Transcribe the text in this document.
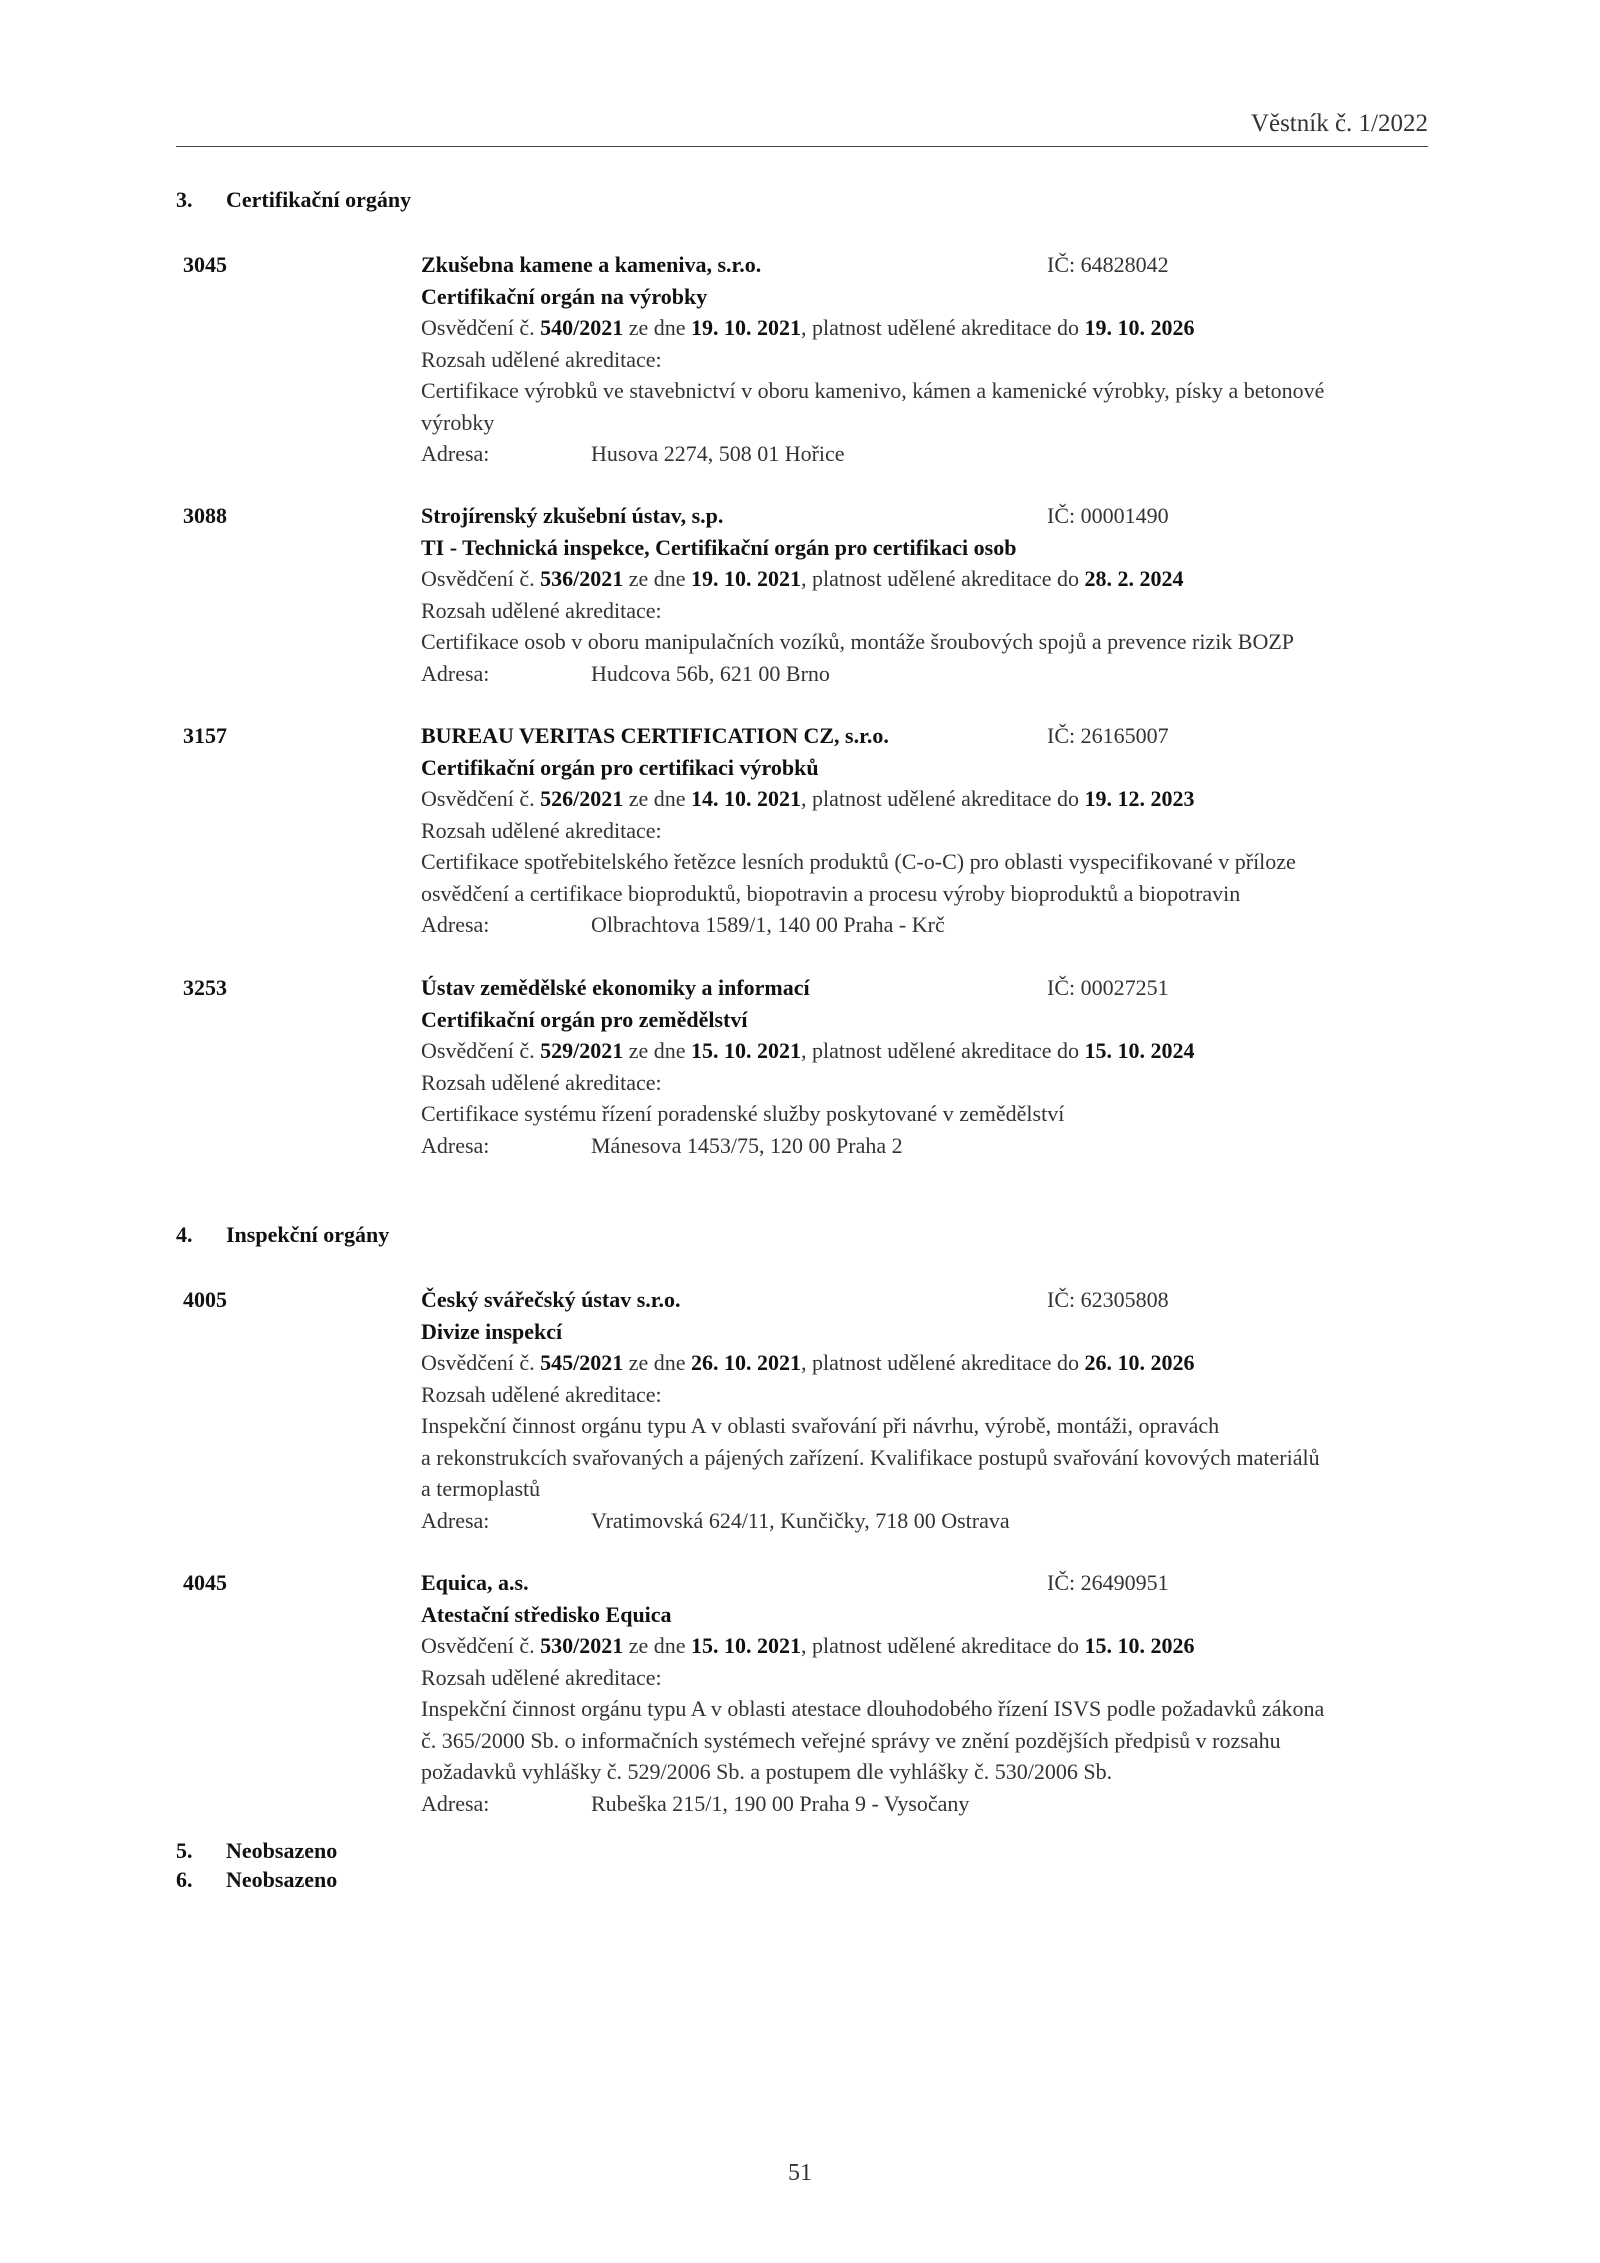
Věstník č. 1/2022
3. Certifikační orgány
3045	Zkušebna kamene a kameniva, s.r.o.	IČ: 64828042
Certifikační orgán na výrobky
Osvědčení č. 540/2021 ze dne 19. 10. 2021, platnost udělené akreditace do 19. 10. 2026
Rozsah udělené akreditace:
Certifikace výrobků ve stavebnictví v oboru kamenivo, kámen a kamenické výrobky, písky a betonové
výrobky
Adresa:	Husova 2274, 508 01 Hořice
3088	Strojírenský zkušební ústav, s.p.	IČ: 00001490
TI - Technická inspekce, Certifikační orgán pro certifikaci osob
Osvědčení č. 536/2021 ze dne 19. 10. 2021, platnost udělené akreditace do 28. 2. 2024
Rozsah udělené akreditace:
Certifikace osob v oboru manipulačních vozíků, montáže šroubových spojů a prevence rizik BOZP
Adresa:	Hudcova 56b, 621 00 Brno
3157	BUREAU VERITAS CERTIFICATION CZ, s.r.o.	IČ: 26165007
Certifikační orgán pro certifikaci výrobků
Osvědčení č. 526/2021 ze dne 14. 10. 2021, platnost udělené akreditace do 19. 12. 2023
Rozsah udělené akreditace:
Certifikace spotřebitelského řetězce lesních produktů (C-o-C) pro oblasti vyspecifikované v příloze
osvědčení a certifikace bioproduktů, biopotravin a procesu výroby bioproduktů a biopotravin
Adresa:	Olbrachtova 1589/1, 140 00 Praha - Krč
3253	Ústav zemědělské ekonomiky a informací	IČ: 00027251
Certifikační orgán pro zemědělství
Osvědčení č. 529/2021 ze dne 15. 10. 2021, platnost udělené akreditace do 15. 10. 2024
Rozsah udělené akreditace:
Certifikace systému řízení poradenské služby poskytované v zemědělství
Adresa:	Mánesova 1453/75, 120 00 Praha 2
4. Inspekční orgány
4005	Český svářečský ústav s.r.o.	IČ: 62305808
Divize inspekcí
Osvědčení č. 545/2021 ze dne 26. 10. 2021, platnost udělené akreditace do 26. 10. 2026
Rozsah udělené akreditace:
Inspekční činnost orgánu typu A v oblasti svařování při návrhu, výrobě, montáži, opravách
a rekonstrukcích svařovaných a pájených zařízení. Kvalifikace postupů svařování kovových materiálů
a termoplastů
Adresa:	Vratimovská 624/11, Kunčičky, 718 00 Ostrava
4045	Equica, a.s.	IČ: 26490951
Atestační středisko Equica
Osvědčení č. 530/2021 ze dne 15. 10. 2021, platnost udělené akreditace do 15. 10. 2026
Rozsah udělené akreditace:
Inspekční činnost orgánu typu A v oblasti atestace dlouhodobého řízení ISVS podle požadavků zákona
č. 365/2000 Sb. o informačních systémech veřejné správy ve znění pozdějších předpisů v rozsahu
požadavků vyhlášky č. 529/2006 Sb. a postupem dle vyhlášky č. 530/2006 Sb.
Adresa:	Rubeška 215/1, 190 00 Praha 9 - Vysočany
5. Neobsazeno
6. Neobsazeno
51
